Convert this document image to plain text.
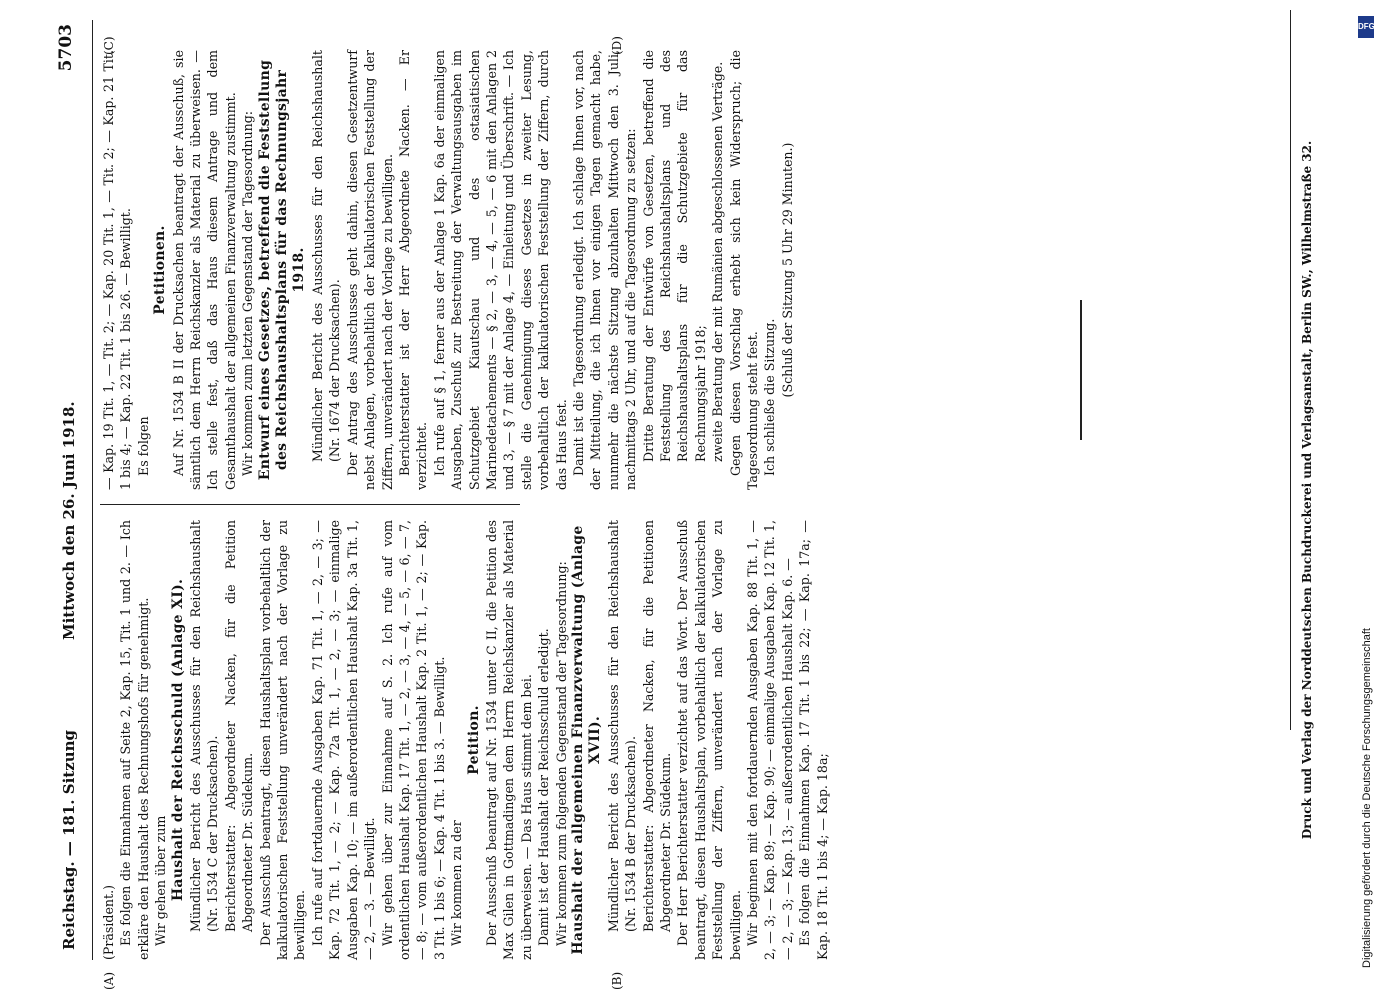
Reichstag. — 181. Sitzung
Mittwoch den 26. Juni 1918.
5703

(Präsident.) Es folgen die Einnahmen auf Seite 2, Kap. 15, Tit. 1 und 2. — Ich erkläre den Haushalt des Rechnungshofs für genehmigt. Wir gehen über zum Haushalt der Reichsschuld (Anlage XI). Mündlicher Bericht des Ausschusses für den Reichshaushalt (Nr. 1534 C der Drucksachen). Berichterstatter: Abgeordneter Nacken, für die Petition Abgeordneter Dr. Südekum. Der Ausschuß beantragt, diesen Haushaltsplan vorbehaltlich der kalkulatorischen Feststellung unverändert nach der Vorlage zu bewilligen. Ich rufe auf fortdauernde Ausgaben Kap. 71 Tit. 1, — 2, — 3; — Kap. 72 Tit. 1, — 2; — Kap. 72a Tit. 1, — 2, — 3; — einmalige Ausgaben Kap. 10; — im außerordentlichen Haushalt Kap. 3a Tit. 1, — 2, — 3. — Bewilligt. Wir gehen über zur Einnahme auf S. 2. Ich rufe auf vom ordentlichen Haushalt Kap. 17 Tit. 1, — 2, — 3, — 4, — 5, — 6, — 7, — 8; — vom außerordentlichen Haushalt Kap. 2 Tit. 1, — 2; — Kap. 3 Tit. 1 bis 6; — Kap. 4 Tit. 1 bis 3. — Bewilligt. Wir kommen zu der

Petition. Der Ausschuß beantragt auf Nr. 1534 unter C II, die Petition des Max Gilen in Gottmadingen dem Herrn Reichskanzler als Material zu überweisen. — Das Haus stimmt dem bei. Damit ist der Haushalt der Reichsschuld erledigt. Wir kommen zum folgenden Gegenstand der Tagesordnung: Haushalt der allgemeinen Finanzverwaltung (Anlage XVII). Mündlicher Bericht des Ausschusses für den Reichshaushalt (Nr. 1534 B der Drucksachen). Berichterstatter: Abgeordneter Nacken, für die Petitionen Abgeordneter Dr. Südekum. Der Herr Berichterstatter verzichtet auf das Wort. Der Ausschuß beantragt, diesen Haushaltsplan, vorbehaltlich der kalkulatorischen Feststellung der Ziffern, unverändert nach der Vorlage zu bewilligen. Wir beginnen mit den fortdauernden Ausgaben Kap. 88 Tit. 1, — 2, — 3; — Kap. 89; — Kap. 90; — einmalige Ausgaben Kap. 12 Tit. 1, — 2, — 3; — Kap. 13; — außerordentlichen Haushalt Kap. 6. — Es folgen die Einnahmen Kap. 17 Tit. 1 bis 22; — Kap. 17a; — Kap. 18 Tit. 1 bis 4; — Kap. 18a;

— Kap. 19 Tit. 1, — Tit. 2; — Kap. 20 Tit. 1, — Tit. 2; — Kap. 21 Tit. 1 bis 4; — Kap. 22 Tit. 1 bis 26. — Bewilligt. Es folgen

Petitionen. Auf Nr. 1534 B II der Drucksachen beantragt der Ausschuß, sie sämtlich dem Herrn Reichskanzler als Material zu überweisen. — Ich stelle fest, daß das Haus diesem Antrage und dem Gesamthaushalt der allgemeinen Finanzverwaltung zustimmt. Wir kommen zum letzten Gegenstand der Tagesordnung: Entwurf eines Gesetzes, betreffend die Feststellung des Reichshaushaltsplans für das Rechnungsjahr 1918. Mündlicher Bericht des Ausschusses für den Reichshaushalt (Nr. 1674 der Drucksachen). Der Antrag des Ausschusses geht dahin, diesen Gesetzentwurf nebst Anlagen, vorbehaltlich der kalkulatorischen Feststellung der Ziffern, unverändert nach der Vorlage zu bewilligen. Berichterstatter ist der Herr Abgeordnete Nacken. — Er verzichtet. Ich rufe auf § 1, ferner aus der Anlage 1 Kap. 6a der einmaligen Ausgaben, Zuschuß zur Bestreitung der Verwaltungsausgaben im Schutzgebiet Kiautschau und des ostasiatischen Marinedetachements — § 2, — 3, — 4, — 5, — 6 mit den Anlagen 2 und 3, — § 7 mit der Anlage 4, — Einleitung und Überschrift. — Ich stelle die Genehmigung dieses Gesetzes in zweiter Lesung, vorbehaltlich der kalkulatorischen Feststellung der Ziffern, durch das Haus fest. Damit ist die Tagesordnung erledigt. Ich schlage Ihnen vor, nach der Mitteilung, die ich Ihnen vor einigen Tagen gemacht habe, nunmehr die nächste Sitzung abzuhalten Mittwoch den 3. Juli, nachmittags 2 Uhr, und auf die Tagesordnung zu setzen: Dritte Beratung der Entwürfe von Gesetzen, betreffend die Feststellung des Reichshaushaltsplans und des Reichshaushaltsplans für die Schutzgebiete für das Rechnungsjahr 1918; zweite Beratung der mit Rumänien abgeschlossenen Verträge. Gegen diesen Vorschlag erhebt sich kein Widerspruch; die Tagesordnung steht fest. Ich schließe die Sitzung. (Schluß der Sitzung 5 Uhr 29 Minuten.)

(A)	(B)
(C)	(D)
Druck und Verlag der Norddeutschen Buchdruckerei und Verlagsanstalt, Berlin SW., Wilhelmstraße 32.	Digitalisierung gefördert durch die Deutsche Forschungsgemeinschaft
DFG
